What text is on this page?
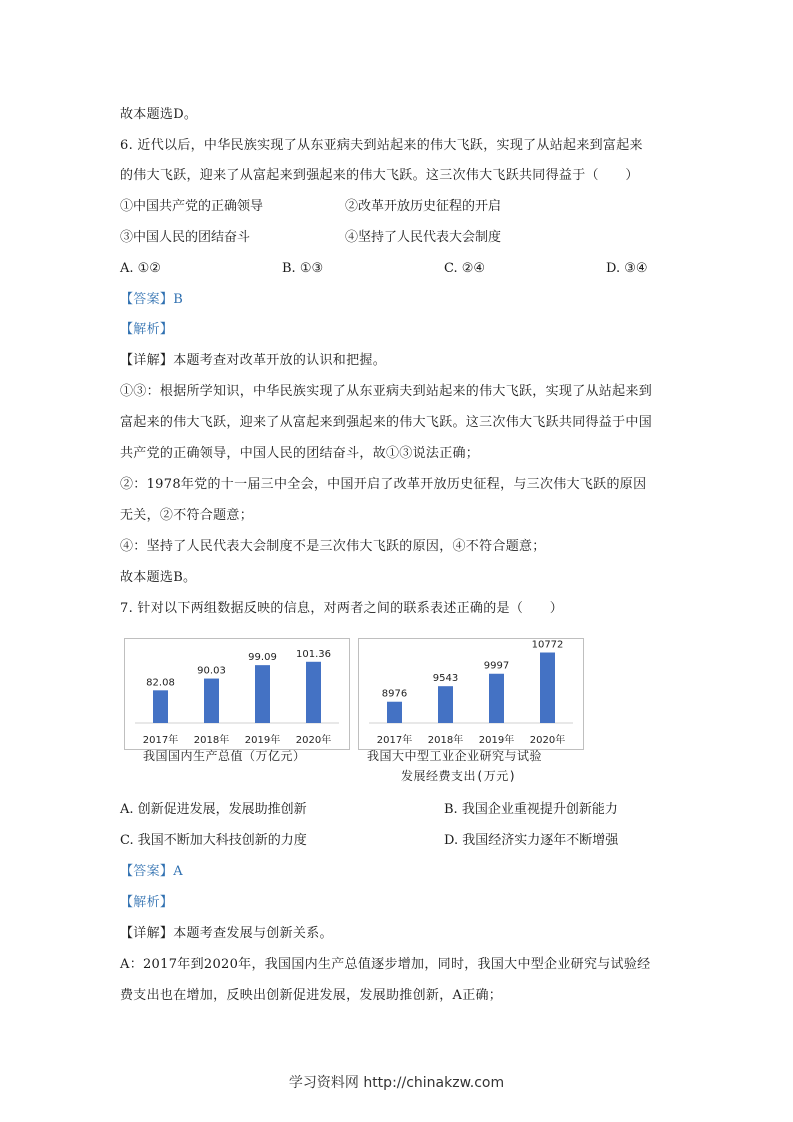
故本题选D。
6. 近代以后，中华民族实现了从东亚病夫到站起来的伟大飞跃，实现了从站起来到富起来
的伟大飞跃，迎来了从富起来到强起来的伟大飞跃。这三次伟大飞跃共同得益于（　　）
①中国共产党的正确领导	②改革开放历史征程的开启
③中国人民的团结奋斗	④坚持了人民代表大会制度
A. ①②	B. ①③	C. ②④	D. ③④
【答案】B
【解析】
【详解】本题考查对改革开放的认识和把握。
①③：根据所学知识，中华民族实现了从东亚病夫到站起来的伟大飞跃，实现了从站起来到
富起来的伟大飞跃，迎来了从富起来到强起来的伟大飞跃。这三次伟大飞跃共同得益于中国
共产党的正确领导，中国人民的团结奋斗，故①③说法正确；
②：1978年党的十一届三中全会，中国开启了改革开放历史征程，与三次伟大飞跃的原因
无关，②不符合题意；
④：坚持了人民代表大会制度不是三次伟大飞跃的原因，④不符合题意；
故本题选B。
7. 针对以下两组数据反映的信息，对两者之间的联系表述正确的是（　　）
82.08
2017年
90.03
2018年
99.09
2019年
101.36
2020年
我国国内生产总值（万亿元）
8976
2017年
9543
2018年
9997
2019年
10772
2020年
我国大中型工业企业研究与试验
发展经费支出(万元)
A. 创新促进发展，发展助推创新	B. 我国企业重视提升创新能力
C. 我国不断加大科技创新的力度	D. 我国经济实力逐年不断增强
【答案】A
【解析】
【详解】本题考查发展与创新关系。
A：2017年到2020年，我国国内生产总值逐步增加，同时，我国大中型企业研究与试验经
费支出也在增加，反映出创新促进发展，发展助推创新，A正确；
学习资料网 http://chinakzw.com
